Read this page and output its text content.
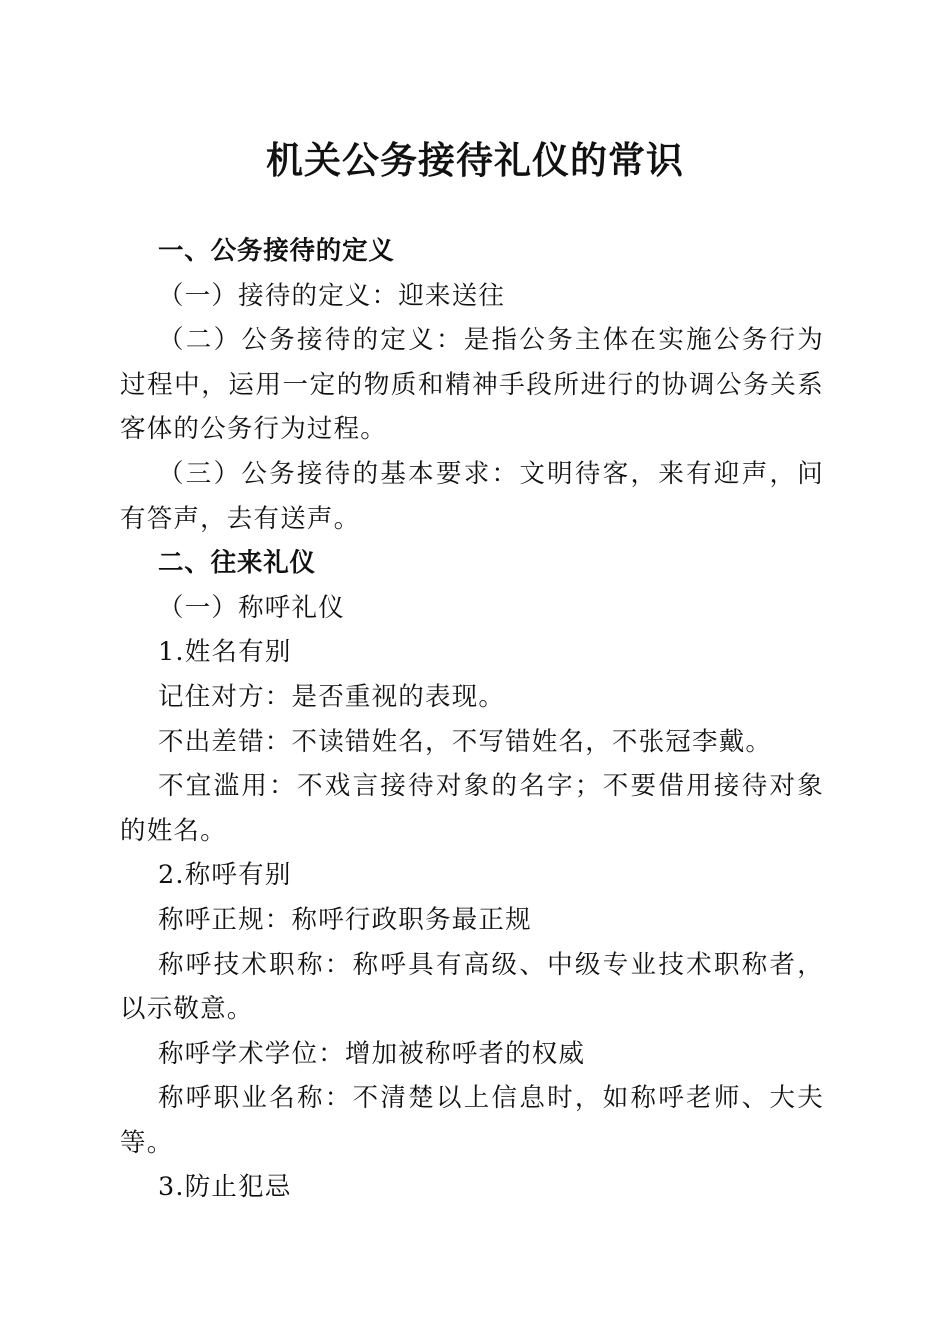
机关公务接待礼仪的常识

一、公务接待的定义

（一）接待的定义：迎来送往

（二）公务接待的定义：是指公务主体在实施公务行为过程中，运用一定的物质和精神手段所进行的协调公务关系客体的公务行为过程。

（三）公务接待的基本要求：文明待客，来有迎声，问有答声，去有送声。

二、往来礼仪

（一）称呼礼仪

1.姓名有别

记住对方：是否重视的表现。

不出差错：不读错姓名，不写错姓名，不张冠李戴。

不宜滥用：不戏言接待对象的名字；不要借用接待对象的姓名。

2.称呼有别

称呼正规：称呼行政职务最正规

称呼技术职称：称呼具有高级、中级专业技术职称者，以示敬意。

称呼学术学位：增加被称呼者的权威

称呼职业名称：不清楚以上信息时，如称呼老师、大夫等。

3.防止犯忌
